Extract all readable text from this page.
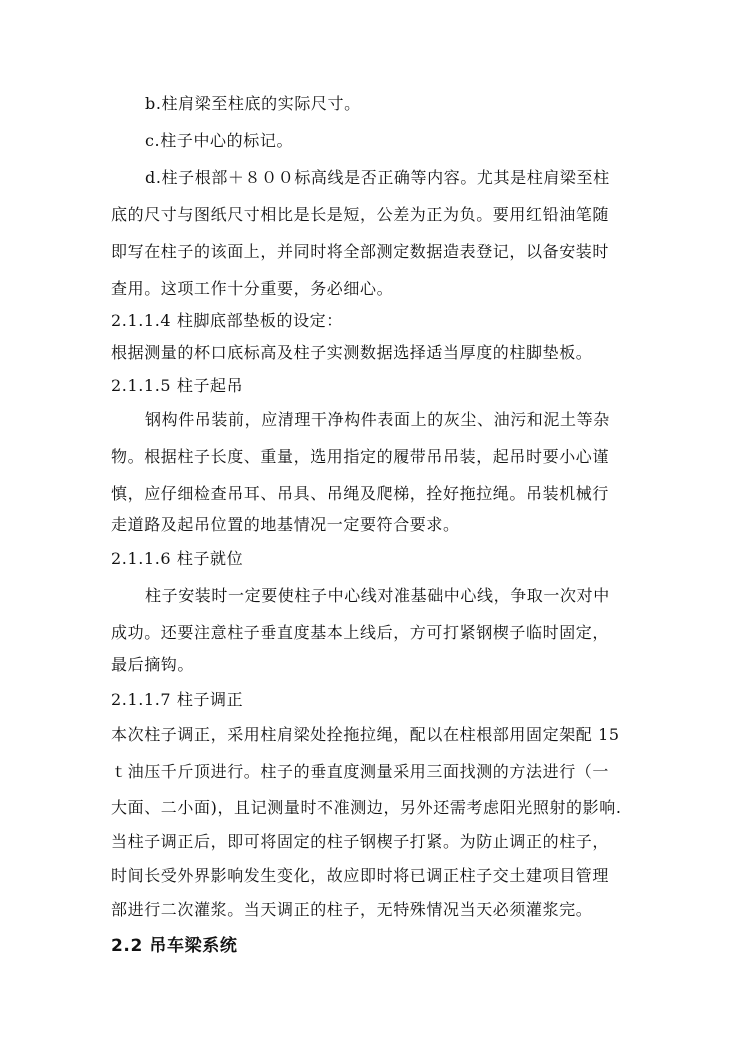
b.柱肩梁至柱底的实际尺寸。
c.柱子中心的标记。
d.柱子根部＋８００标高线是否正确等内容。尤其是柱肩梁至柱
底的尺寸与图纸尺寸相比是长是短，公差为正为负。要用红铅油笔随
即写在柱子的该面上，并同时将全部测定数据造表登记，以备安装时
查用。这项工作十分重要，务必细心。
2.1.1.4 柱脚底部垫板的设定：
根据测量的杯口底标高及柱子实测数据选择适当厚度的柱脚垫板。
2.1.1.5 柱子起吊
钢构件吊装前，应清理干净构件表面上的灰尘、油污和泥土等杂
物。根据柱子长度、重量，选用指定的履带吊吊装，起吊时要小心谨
慎，应仔细检查吊耳、吊具、吊绳及爬梯，拴好拖拉绳。吊装机械行
走道路及起吊位置的地基情况一定要符合要求。
2.1.1.6 柱子就位
柱子安装时一定要使柱子中心线对准基础中心线，争取一次对中
成功。还要注意柱子垂直度基本上线后，方可打紧钢楔子临时固定，
最后摘钩。
2.1.1.7 柱子调正
本次柱子调正，采用柱肩梁处拴拖拉绳，配以在柱根部用固定架配 15
ｔ油压千斤顶进行。柱子的垂直度测量采用三面找测的方法进行（一
大面、二小面)，且记测量时不准测边，另外还需考虑阳光照射的影响.
当柱子调正后，即可将固定的柱子钢楔子打紧。为防止调正的柱子，
时间长受外界影响发生变化，故应即时将已调正柱子交土建项目管理
部进行二次灌浆。当天调正的柱子，无特殊情况当天必须灌浆完。
2.2 吊车梁系统
